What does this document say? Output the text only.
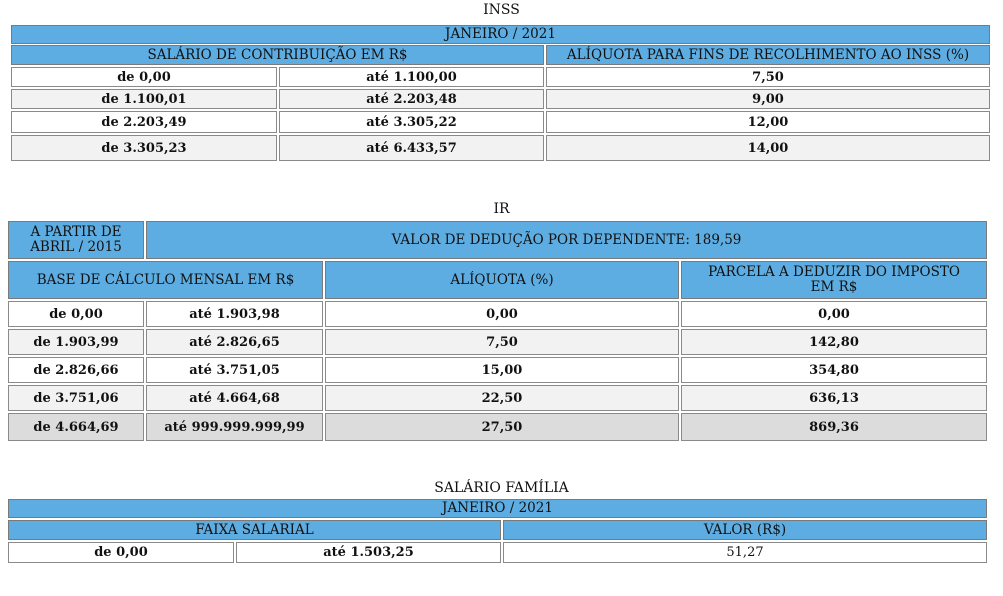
INSS
JANEIRO / 2021
SALÁRIO DE CONTRIBUIÇÃO EM R$	ALÍQUOTA PARA FINS DE RECOLHIMENTO AO INSS (%)
de 0,00	até 1.100,00	7,50
de 1.100,01	até 2.203,48	9,00
de 2.203,49	até 3.305,22	12,00
de 3.305,23	até 6.433,57	14,00
IR
A PARTIR DE ABRIL / 2015	VALOR DE DEDUÇÃO POR DEPENDENTE: 189,59
BASE DE CÁLCULO MENSAL EM R$	ALÍQUOTA (%)	PARCELA A DEDUZIR DO IMPOSTO EM R$
de 0,00	até 1.903,98	0,00	0,00
de 1.903,99	até 2.826,65	7,50	142,80
de 2.826,66	até 3.751,05	15,00	354,80
de 3.751,06	até 4.664,68	22,50	636,13
de 4.664,69	até 999.999.999,99	27,50	869,36
SALÁRIO FAMÍLIA
JANEIRO / 2021
FAIXA SALARIAL	VALOR (R$)
de 0,00	até 1.503,25	51,27
